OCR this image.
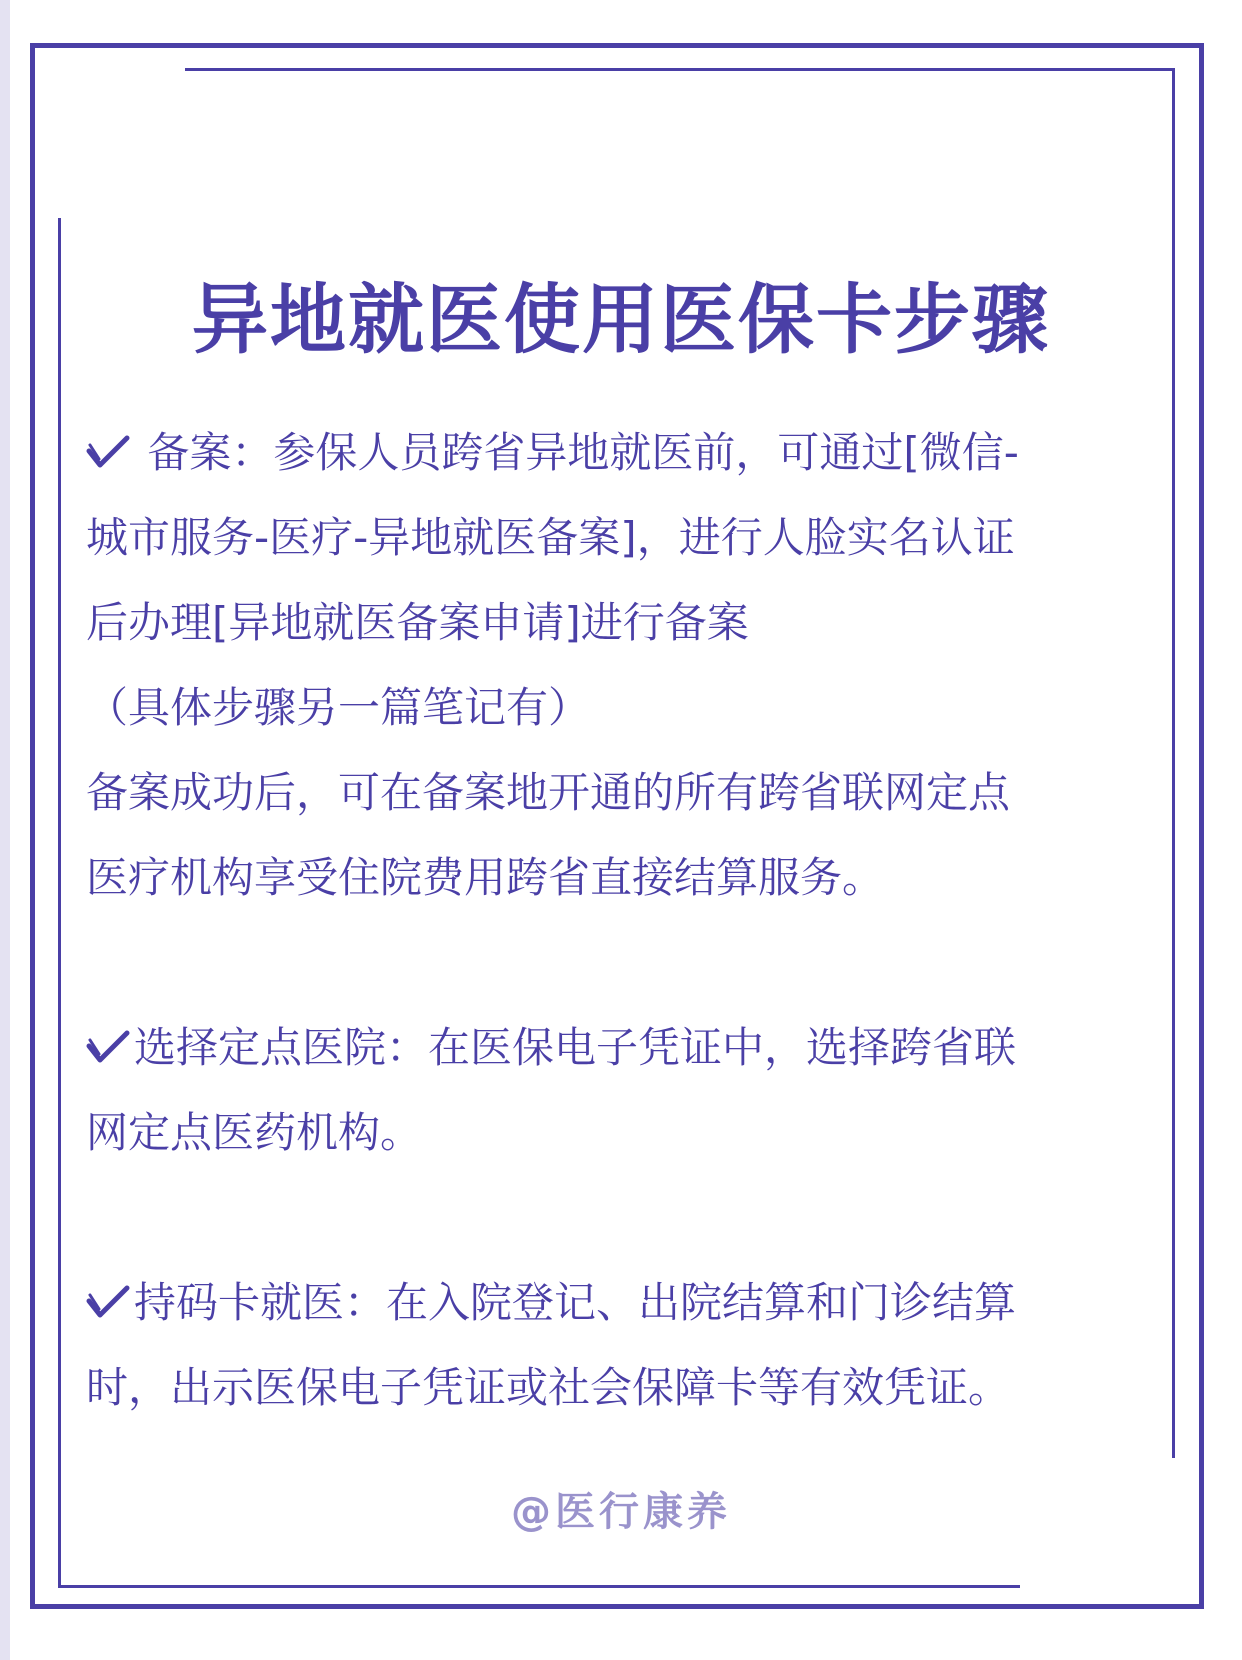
异地就医使用医保卡步骤
备案：参保人员跨省异地就医前，可通过[微信-
城市服务-医疗-异地就医备案]，进行人脸实名认证
后办理[异地就医备案申请]进行备案
（具体步骤另一篇笔记有）
备案成功后，可在备案地开通的所有跨省联网定点
医疗机构享受住院费用跨省直接结算服务。
选择定点医院：在医保电子凭证中，选择跨省联
网定点医药机构。
持码卡就医：在入院登记、出院结算和门诊结算
时，出示医保电子凭证或社会保障卡等有效凭证。
@医行康养
